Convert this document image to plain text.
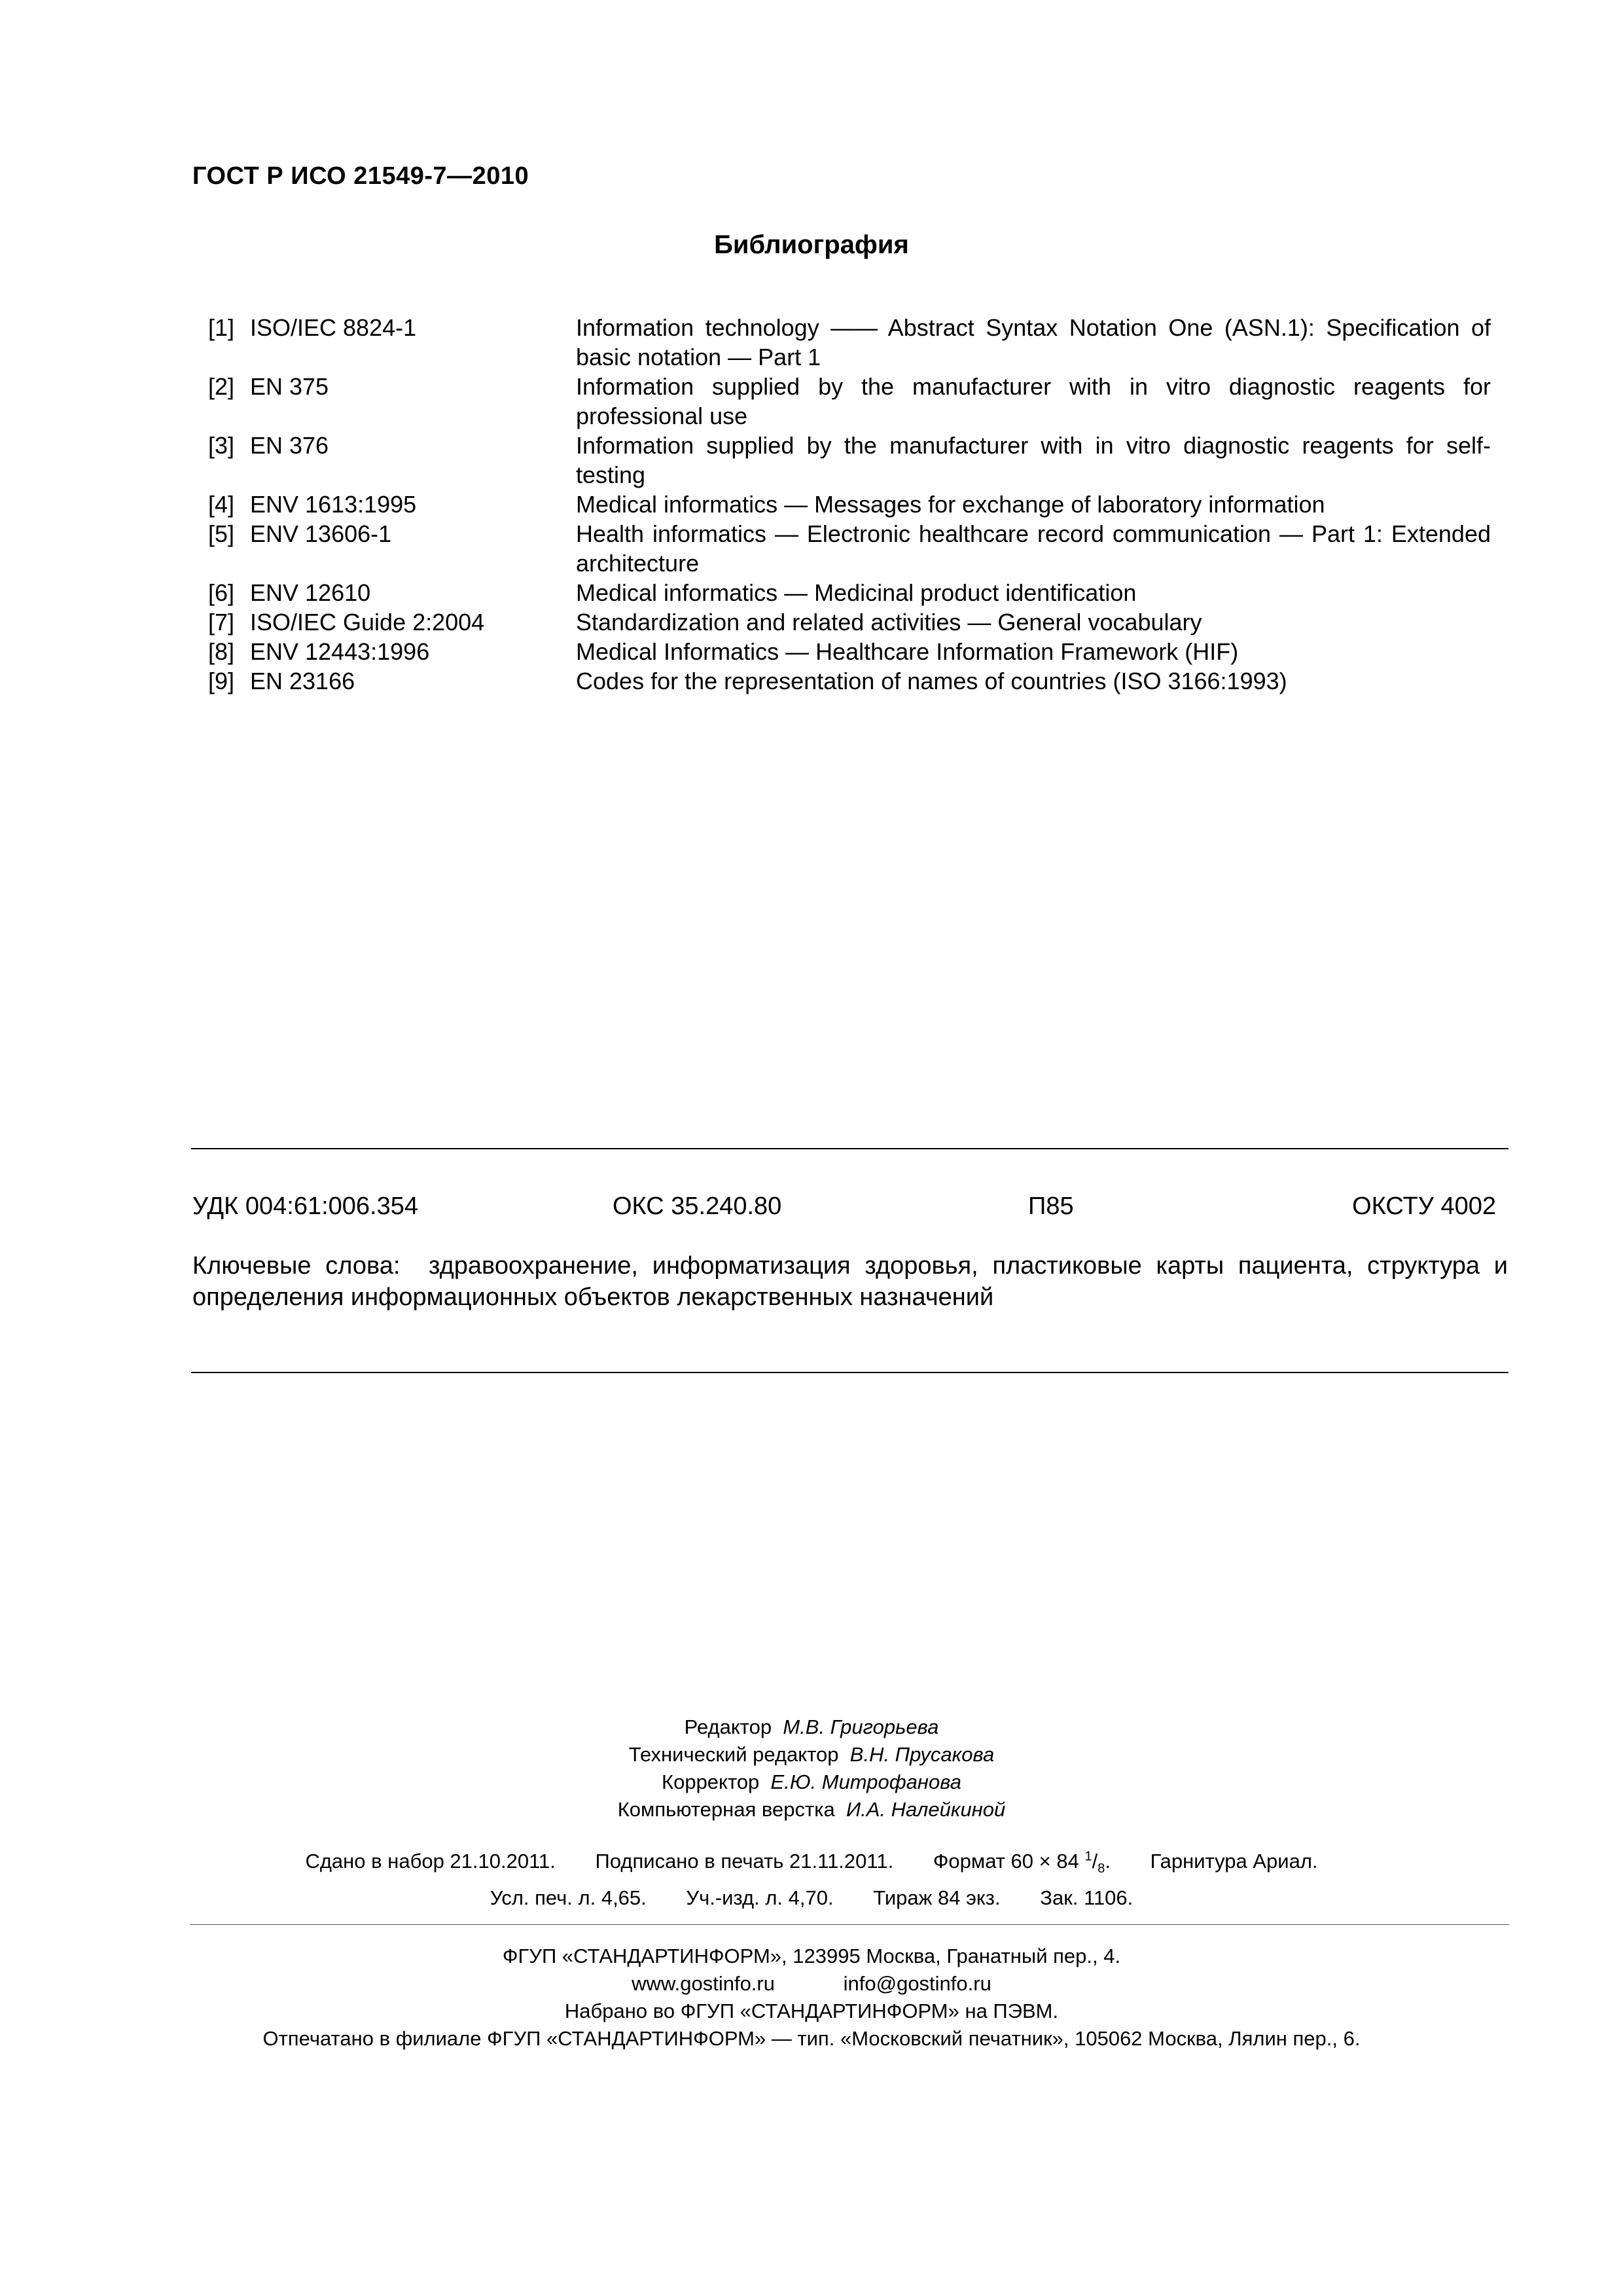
ГОСТ Р ИСО 21549-7—2010
Библиография
[1] ISO/IEC 8824-1	Information technology —— Abstract Syntax Notation One (ASN.1): Specification of basic notation — Part 1
[2] EN 375	Information supplied by the manufacturer with in vitro diagnostic reagents for professional use
[3] EN 376	Information supplied by the manufacturer with in vitro diagnostic reagents for self-testing
[4] ENV 1613:1995	Medical informatics — Messages for exchange of laboratory information
[5] ENV 13606-1	Health informatics — Electronic healthcare record communication — Part 1: Extended architecture
[6] ENV 12610	Medical informatics — Medicinal product identification
[7] ISO/IEC Guide 2:2004	Standardization and related activities — General vocabulary
[8] ENV 12443:1996	Medical Informatics — Healthcare Information Framework (HIF)
[9] EN 23166	Codes for the representation of names of countries (ISO 3166:1993)
УДК 004:61:006.354	ОКС 35.240.80	П85	ОКСТУ 4002
Ключевые слова: здравоохранение, информатизация здоровья, пластиковые карты пациента, структура и определения информационных объектов лекарственных назначений
Редактор М.В. Григорьева
Технический редактор В.Н. Прусакова
Корректор Е.Ю. Митрофанова
Компьютерная верстка И.А. Налейкиной
Сдано в набор 21.10.2011. Подписано в печать 21.11.2011. Формат 60 × 84 $^1/_8$. Гарнитура Ариал.
Усл. печ. л. 4,65. Уч.-изд. л. 4,70. Тираж 84 экз. Зак. 1106.
ФГУП «СТАНДАРТИНФОРМ», 123995 Москва, Гранатный пер., 4.
www.gostinfo.ru	info@gostinfo.ru
Набрано во ФГУП «СТАНДАРТИНФОРМ» на ПЭВМ.
Отпечатано в филиале ФГУП «СТАНДАРТИНФОРМ» — тип. «Московский печатник», 105062 Москва, Лялин пер., 6.
